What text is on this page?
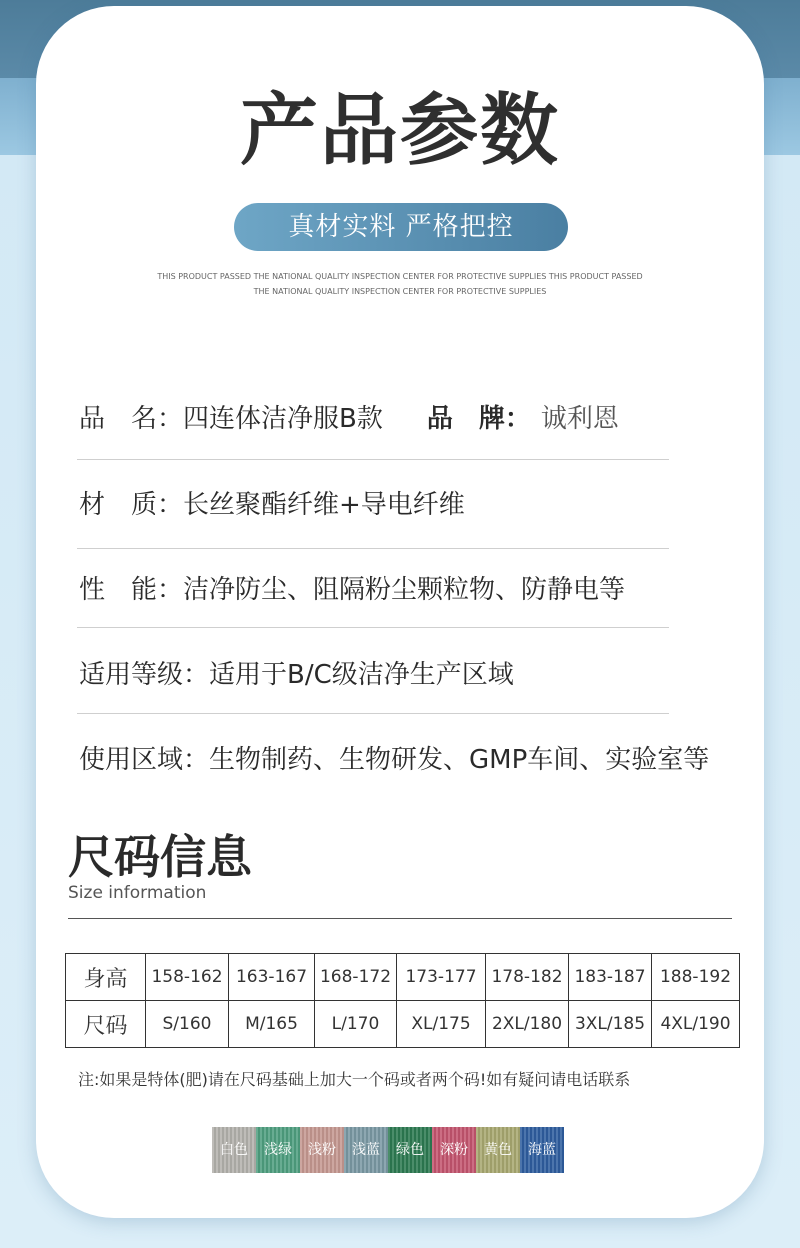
产品参数
真材实料 严格把控
THIS PRODUCT PASSED THE NATIONAL QUALITY INSPECTION CENTER FOR PROTECTIVE SUPPLIES THIS PRODUCT PASSED
THE NATIONAL QUALITY INSPECTION CENTER FOR PROTECTIVE SUPPLIES
品　名：四连体洁净服B款 品　牌： 诚利恩
材　质：长丝聚酯纤维+导电纤维
性　能：洁净防尘、阻隔粉尘颗粒物、防静电等
适用等级：适用于B/C级洁净生产区域
使用区域：生物制药、生物研发、GMP车间、实验室等
尺码信息
Size information
身高	158-162	163-167	168-172	173-177	178-182	183-187	188-192
尺码	S/160	M/165	L/170	XL/175	2XL/180	3XL/185	4XL/190
注:如果是特体(肥)请在尺码基础上加大一个码或者两个码!如有疑问请电话联系
白色	浅绿	浅粉	浅蓝	绿色	深粉	黄色	海蓝
